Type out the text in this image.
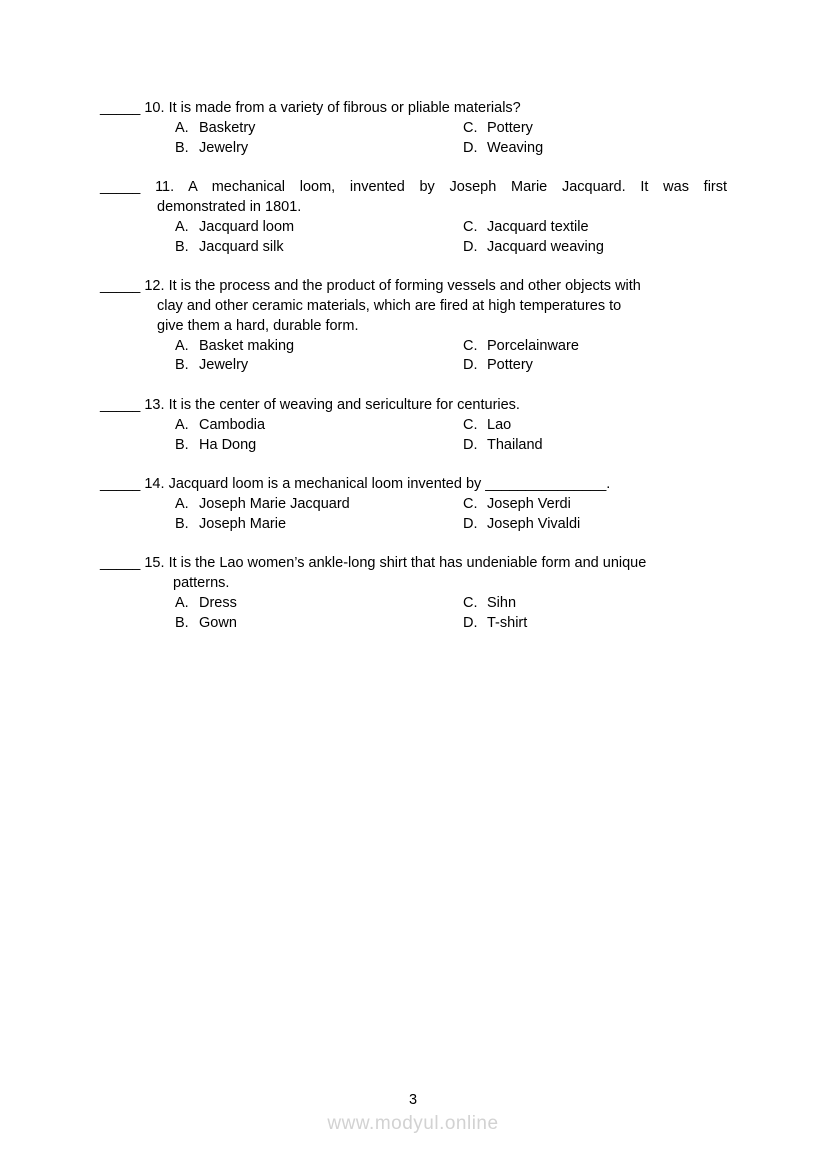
_____ 10. It is made from a variety of fibrous or pliable materials?
A. Basketry	C. Pottery
B. Jewelry	D. Weaving
_____ 11. A mechanical loom, invented by Joseph Marie Jacquard. It was first
demonstrated in 1801.
A. Jacquard loom	C. Jacquard textile
B. Jacquard silk	D. Jacquard weaving
_____ 12. It is the process and the product of forming vessels and other objects with
clay and other ceramic materials, which are fired at high temperatures to
give them a hard, durable form.
A. Basket making	C. Porcelainware
B. Jewelry	D. Pottery
_____ 13. It is the center of weaving and sericulture for centuries.
A. Cambodia	C. Lao
B. Ha Dong	D. Thailand
_____ 14. Jacquard loom is a mechanical loom invented by _______________.
A. Joseph Marie Jacquard	C. Joseph Verdi
B. Joseph Marie	D. Joseph Vivaldi
_____ 15. It is the Lao women’s ankle-long shirt that has undeniable form and unique
patterns.
A. Dress	C. Sihn
B. Gown	D. T-shirt
3
www.modyul.online
